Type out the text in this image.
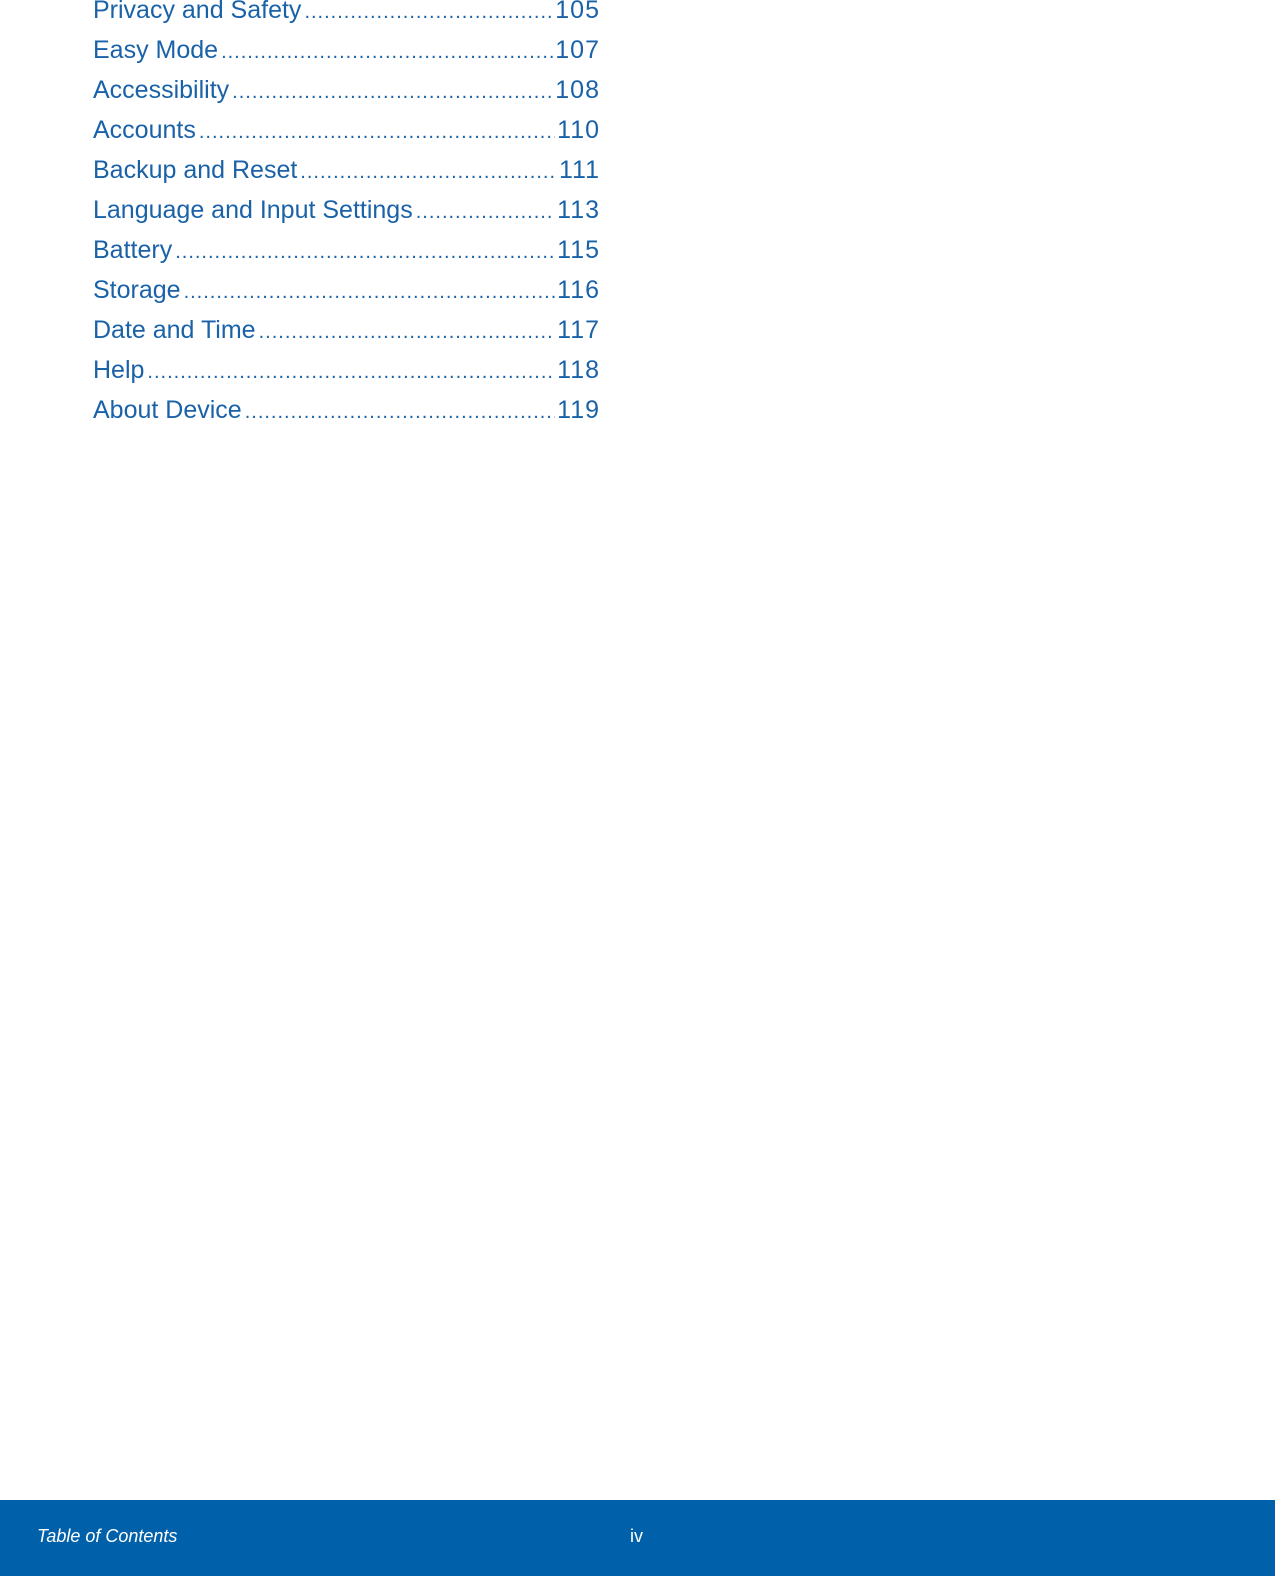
Privacy and Safety .....	105
Easy Mode .....	107
Accessibility .....	108
Accounts .....	110
Backup and Reset .....	111
Language and Input Settings .....	113
Battery .....	115
Storage .....	116
Date and Time .....	117
Help .....	118
About Device .....	119
Table of Contents	iv
